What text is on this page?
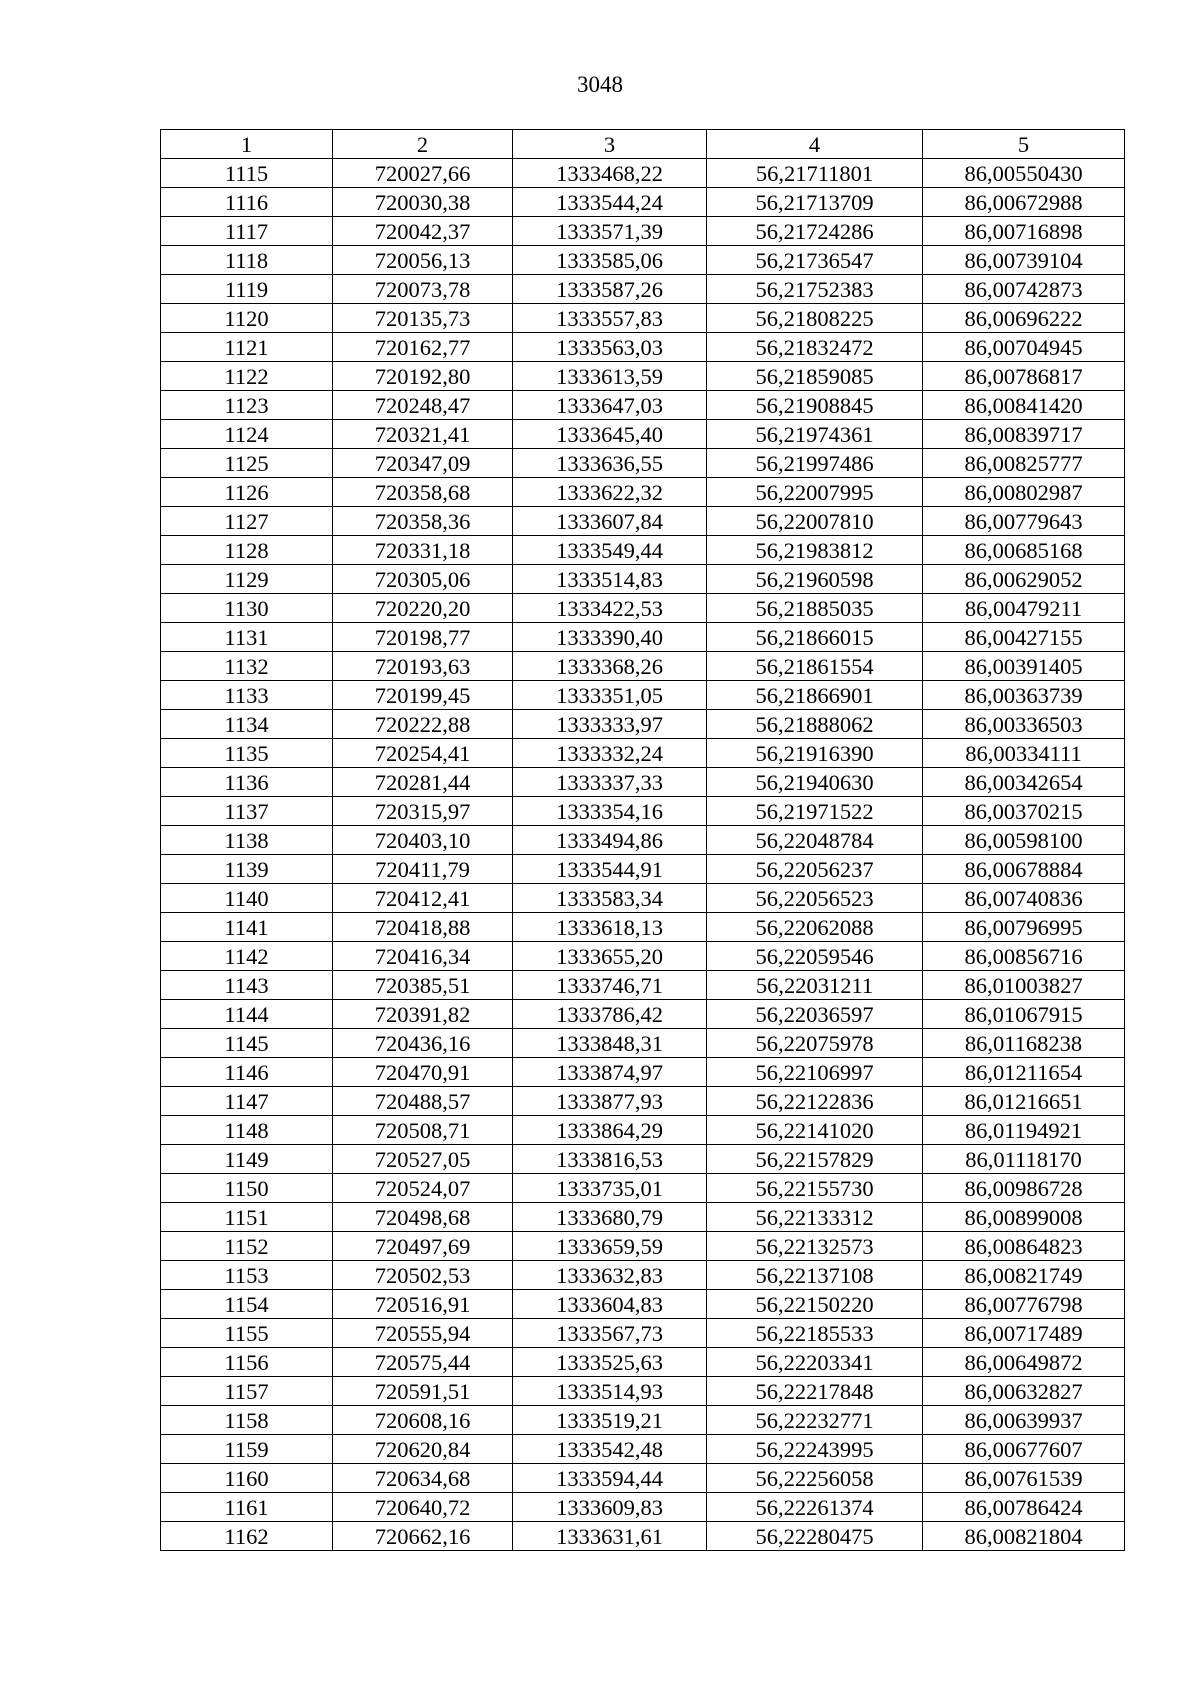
3048
1	2	3	4	5
1115	720027,66	1333468,22	56,21711801	86,00550430
1116	720030,38	1333544,24	56,21713709	86,00672988
1117	720042,37	1333571,39	56,21724286	86,00716898
1118	720056,13	1333585,06	56,21736547	86,00739104
1119	720073,78	1333587,26	56,21752383	86,00742873
1120	720135,73	1333557,83	56,21808225	86,00696222
1121	720162,77	1333563,03	56,21832472	86,00704945
1122	720192,80	1333613,59	56,21859085	86,00786817
1123	720248,47	1333647,03	56,21908845	86,00841420
1124	720321,41	1333645,40	56,21974361	86,00839717
1125	720347,09	1333636,55	56,21997486	86,00825777
1126	720358,68	1333622,32	56,22007995	86,00802987
1127	720358,36	1333607,84	56,22007810	86,00779643
1128	720331,18	1333549,44	56,21983812	86,00685168
1129	720305,06	1333514,83	56,21960598	86,00629052
1130	720220,20	1333422,53	56,21885035	86,00479211
1131	720198,77	1333390,40	56,21866015	86,00427155
1132	720193,63	1333368,26	56,21861554	86,00391405
1133	720199,45	1333351,05	56,21866901	86,00363739
1134	720222,88	1333333,97	56,21888062	86,00336503
1135	720254,41	1333332,24	56,21916390	86,00334111
1136	720281,44	1333337,33	56,21940630	86,00342654
1137	720315,97	1333354,16	56,21971522	86,00370215
1138	720403,10	1333494,86	56,22048784	86,00598100
1139	720411,79	1333544,91	56,22056237	86,00678884
1140	720412,41	1333583,34	56,22056523	86,00740836
1141	720418,88	1333618,13	56,22062088	86,00796995
1142	720416,34	1333655,20	56,22059546	86,00856716
1143	720385,51	1333746,71	56,22031211	86,01003827
1144	720391,82	1333786,42	56,22036597	86,01067915
1145	720436,16	1333848,31	56,22075978	86,01168238
1146	720470,91	1333874,97	56,22106997	86,01211654
1147	720488,57	1333877,93	56,22122836	86,01216651
1148	720508,71	1333864,29	56,22141020	86,01194921
1149	720527,05	1333816,53	56,22157829	86,01118170
1150	720524,07	1333735,01	56,22155730	86,00986728
1151	720498,68	1333680,79	56,22133312	86,00899008
1152	720497,69	1333659,59	56,22132573	86,00864823
1153	720502,53	1333632,83	56,22137108	86,00821749
1154	720516,91	1333604,83	56,22150220	86,00776798
1155	720555,94	1333567,73	56,22185533	86,00717489
1156	720575,44	1333525,63	56,22203341	86,00649872
1157	720591,51	1333514,93	56,22217848	86,00632827
1158	720608,16	1333519,21	56,22232771	86,00639937
1159	720620,84	1333542,48	56,22243995	86,00677607
1160	720634,68	1333594,44	56,22256058	86,00761539
1161	720640,72	1333609,83	56,22261374	86,00786424
1162	720662,16	1333631,61	56,22280475	86,00821804
